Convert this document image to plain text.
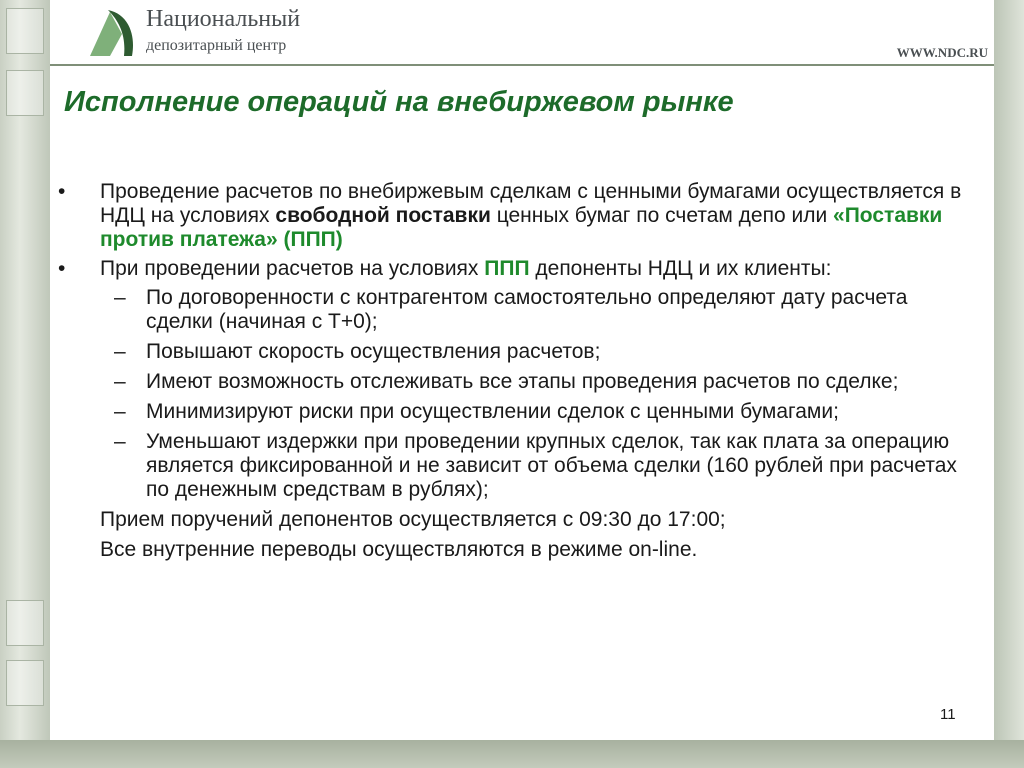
Национальный
депозитарный центр	WWW.NDC.RU
Исполнение операций на внебиржевом рынке
•	Проведение расчетов по внебиржевым сделкам с ценными бумагами осуществляется в НДЦ на условиях свободной поставки ценных бумаг по счетам депо или «Поставки против платежа» (ППП)
•	При проведении расчетов на условиях ППП депоненты НДЦ и их клиенты:
– По договоренности с контрагентом самостоятельно определяют дату расчета сделки (начиная с Т+0);
– Повышают скорость осуществления расчетов;
– Имеют возможность отслеживать все этапы проведения расчетов по сделке;
– Минимизируют риски при осуществлении сделок с ценными бумагами;
– Уменьшают издержки при проведении крупных сделок, так как плата за операцию является фиксированной и не зависит от объема сделки (160 рублей при расчетах по денежным средствам в рублях);
Прием поручений депонентов осуществляется с 09:30 до 17:00;
Все внутренние переводы осуществляются в режиме on-line.
11
